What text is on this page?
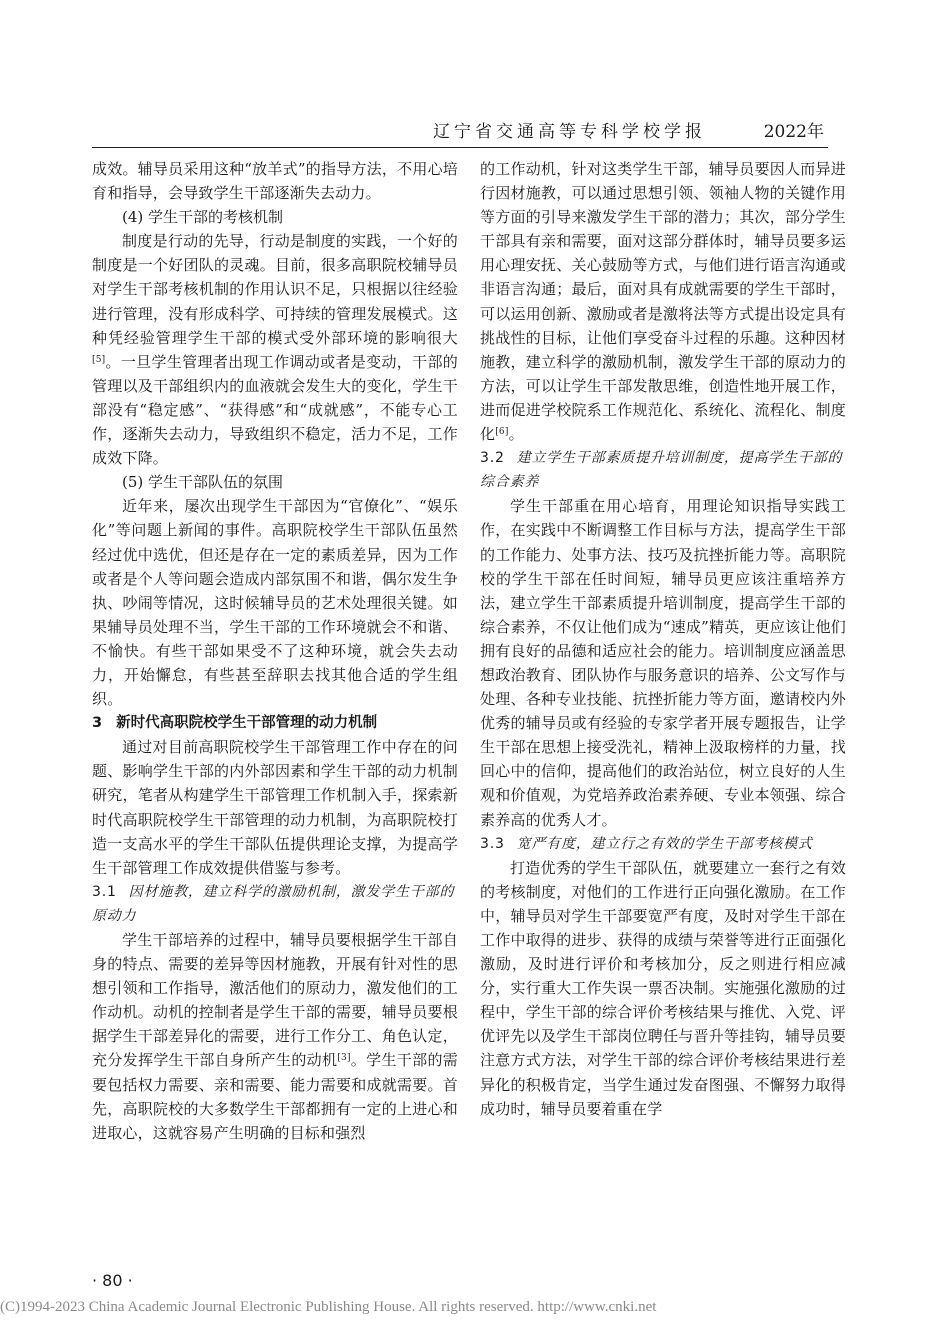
辽宁省交通高等专科学校学报	2022年

成效。辅导员采用这种“放羊式”的指导方法，不用心培育和指导，会导致学生干部逐渐失去动力。

(4) 学生干部的考核机制

制度是行动的先导，行动是制度的实践，一个好的制度是一个好团队的灵魂。目前，很多高职院校辅导员对学生干部考核机制的作用认识不足，只根据以往经验进行管理，没有形成科学、可持续的管理发展模式。这种凭经验管理学生干部的模式受外部环境的影响很大[5]。一旦学生管理者出现工作调动或者是变动，干部的管理以及干部组织内的血液就会发生大的变化，学生干部没有“稳定感”、“获得感”和“成就感”，不能专心工作，逐渐失去动力，导致组织不稳定，活力不足，工作成效下降。

(5) 学生干部队伍的氛围

近年来，屡次出现学生干部因为“官僚化”、“娱乐化”等问题上新闻的事件。高职院校学生干部队伍虽然经过优中选优，但还是存在一定的素质差异，因为工作或者是个人等问题会造成内部氛围不和谐，偶尔发生争执、吵闹等情况，这时候辅导员的艺术处理很关键。如果辅导员处理不当，学生干部的工作环境就会不和谐、不愉快。有些干部如果受不了这种环境，就会失去动力，开始懈怠，有些甚至辞职去找其他合适的学生组织。

3 新时代高职院校学生干部管理的动力机制

通过对目前高职院校学生干部管理工作中存在的问题、影响学生干部的内外部因素和学生干部的动力机制研究，笔者从构建学生干部管理工作机制入手，探索新时代高职院校学生干部管理的动力机制，为高职院校打造一支高水平的学生干部队伍提供理论支撑，为提高学生干部管理工作成效提供借鉴与参考。

3.1 因材施教，建立科学的激励机制，激发学生干部的原动力

学生干部培养的过程中，辅导员要根据学生干部自身的特点、需要的差异等因材施教，开展有针对性的思想引领和工作指导，激活他们的原动力，激发他们的工作动机。动机的控制者是学生干部的需要，辅导员要根据学生干部差异化的需要，进行工作分工、角色认定，充分发挥学生干部自身所产生的动机[3]。学生干部的需要包括权力需要、亲和需要、能力需要和成就需要。首先，高职院校的大多数学生干部都拥有一定的上进心和进取心，这就容易产生明确的目标和强烈

的工作动机，针对这类学生干部，辅导员要因人而异进行因材施教，可以通过思想引领、领袖人物的关键作用等方面的引导来激发学生干部的潜力；其次，部分学生干部具有亲和需要，面对这部分群体时，辅导员要多运用心理安抚、关心鼓励等方式，与他们进行语言沟通或非语言沟通；最后，面对具有成就需要的学生干部时，可以运用创新、激励或者是激将法等方式提出设定具有挑战性的目标，让他们享受奋斗过程的乐趣。这种因材施教，建立科学的激励机制，激发学生干部的原动力的方法，可以让学生干部发散思维，创造性地开展工作，进而促进学校院系工作规范化、系统化、流程化、制度化[6]。

3.2 建立学生干部素质提升培训制度，提高学生干部的综合素养

学生干部重在用心培育，用理论知识指导实践工作，在实践中不断调整工作目标与方法，提高学生干部的工作能力、处事方法、技巧及抗挫折能力等。高职院校的学生干部在任时间短，辅导员更应该注重培养方法，建立学生干部素质提升培训制度，提高学生干部的综合素养，不仅让他们成为“速成”精英，更应该让他们拥有良好的品德和适应社会的能力。培训制度应涵盖思想政治教育、团队协作与服务意识的培养、公文写作与处理、各种专业技能、抗挫折能力等方面，邀请校内外优秀的辅导员或有经验的专家学者开展专题报告，让学生干部在思想上接受洗礼，精神上汲取榜样的力量，找回心中的信仰，提高他们的政治站位，树立良好的人生观和价值观，为党培养政治素养硬、专业本领强、综合素养高的优秀人才。

3.3 宽严有度，建立行之有效的学生干部考核模式

打造优秀的学生干部队伍，就要建立一套行之有效的考核制度，对他们的工作进行正向强化激励。在工作中，辅导员对学生干部要宽严有度，及时对学生干部在工作中取得的进步、获得的成绩与荣誉等进行正面强化激励，及时进行评价和考核加分，反之则进行相应减分，实行重大工作失误一票否决制。实施强化激励的过程中，学生干部的综合评价考核结果与推优、入党、评优评先以及学生干部岗位聘任与晋升等挂钩，辅导员要注意方式方法，对学生干部的综合评价考核结果进行差异化的积极肯定，当学生通过发奋图强、不懈努力取得成功时，辅导员要着重在学

· 80 ·
(C)1994-2023 China Academic Journal Electronic Publishing House. All rights reserved. http://www.cnki.net
